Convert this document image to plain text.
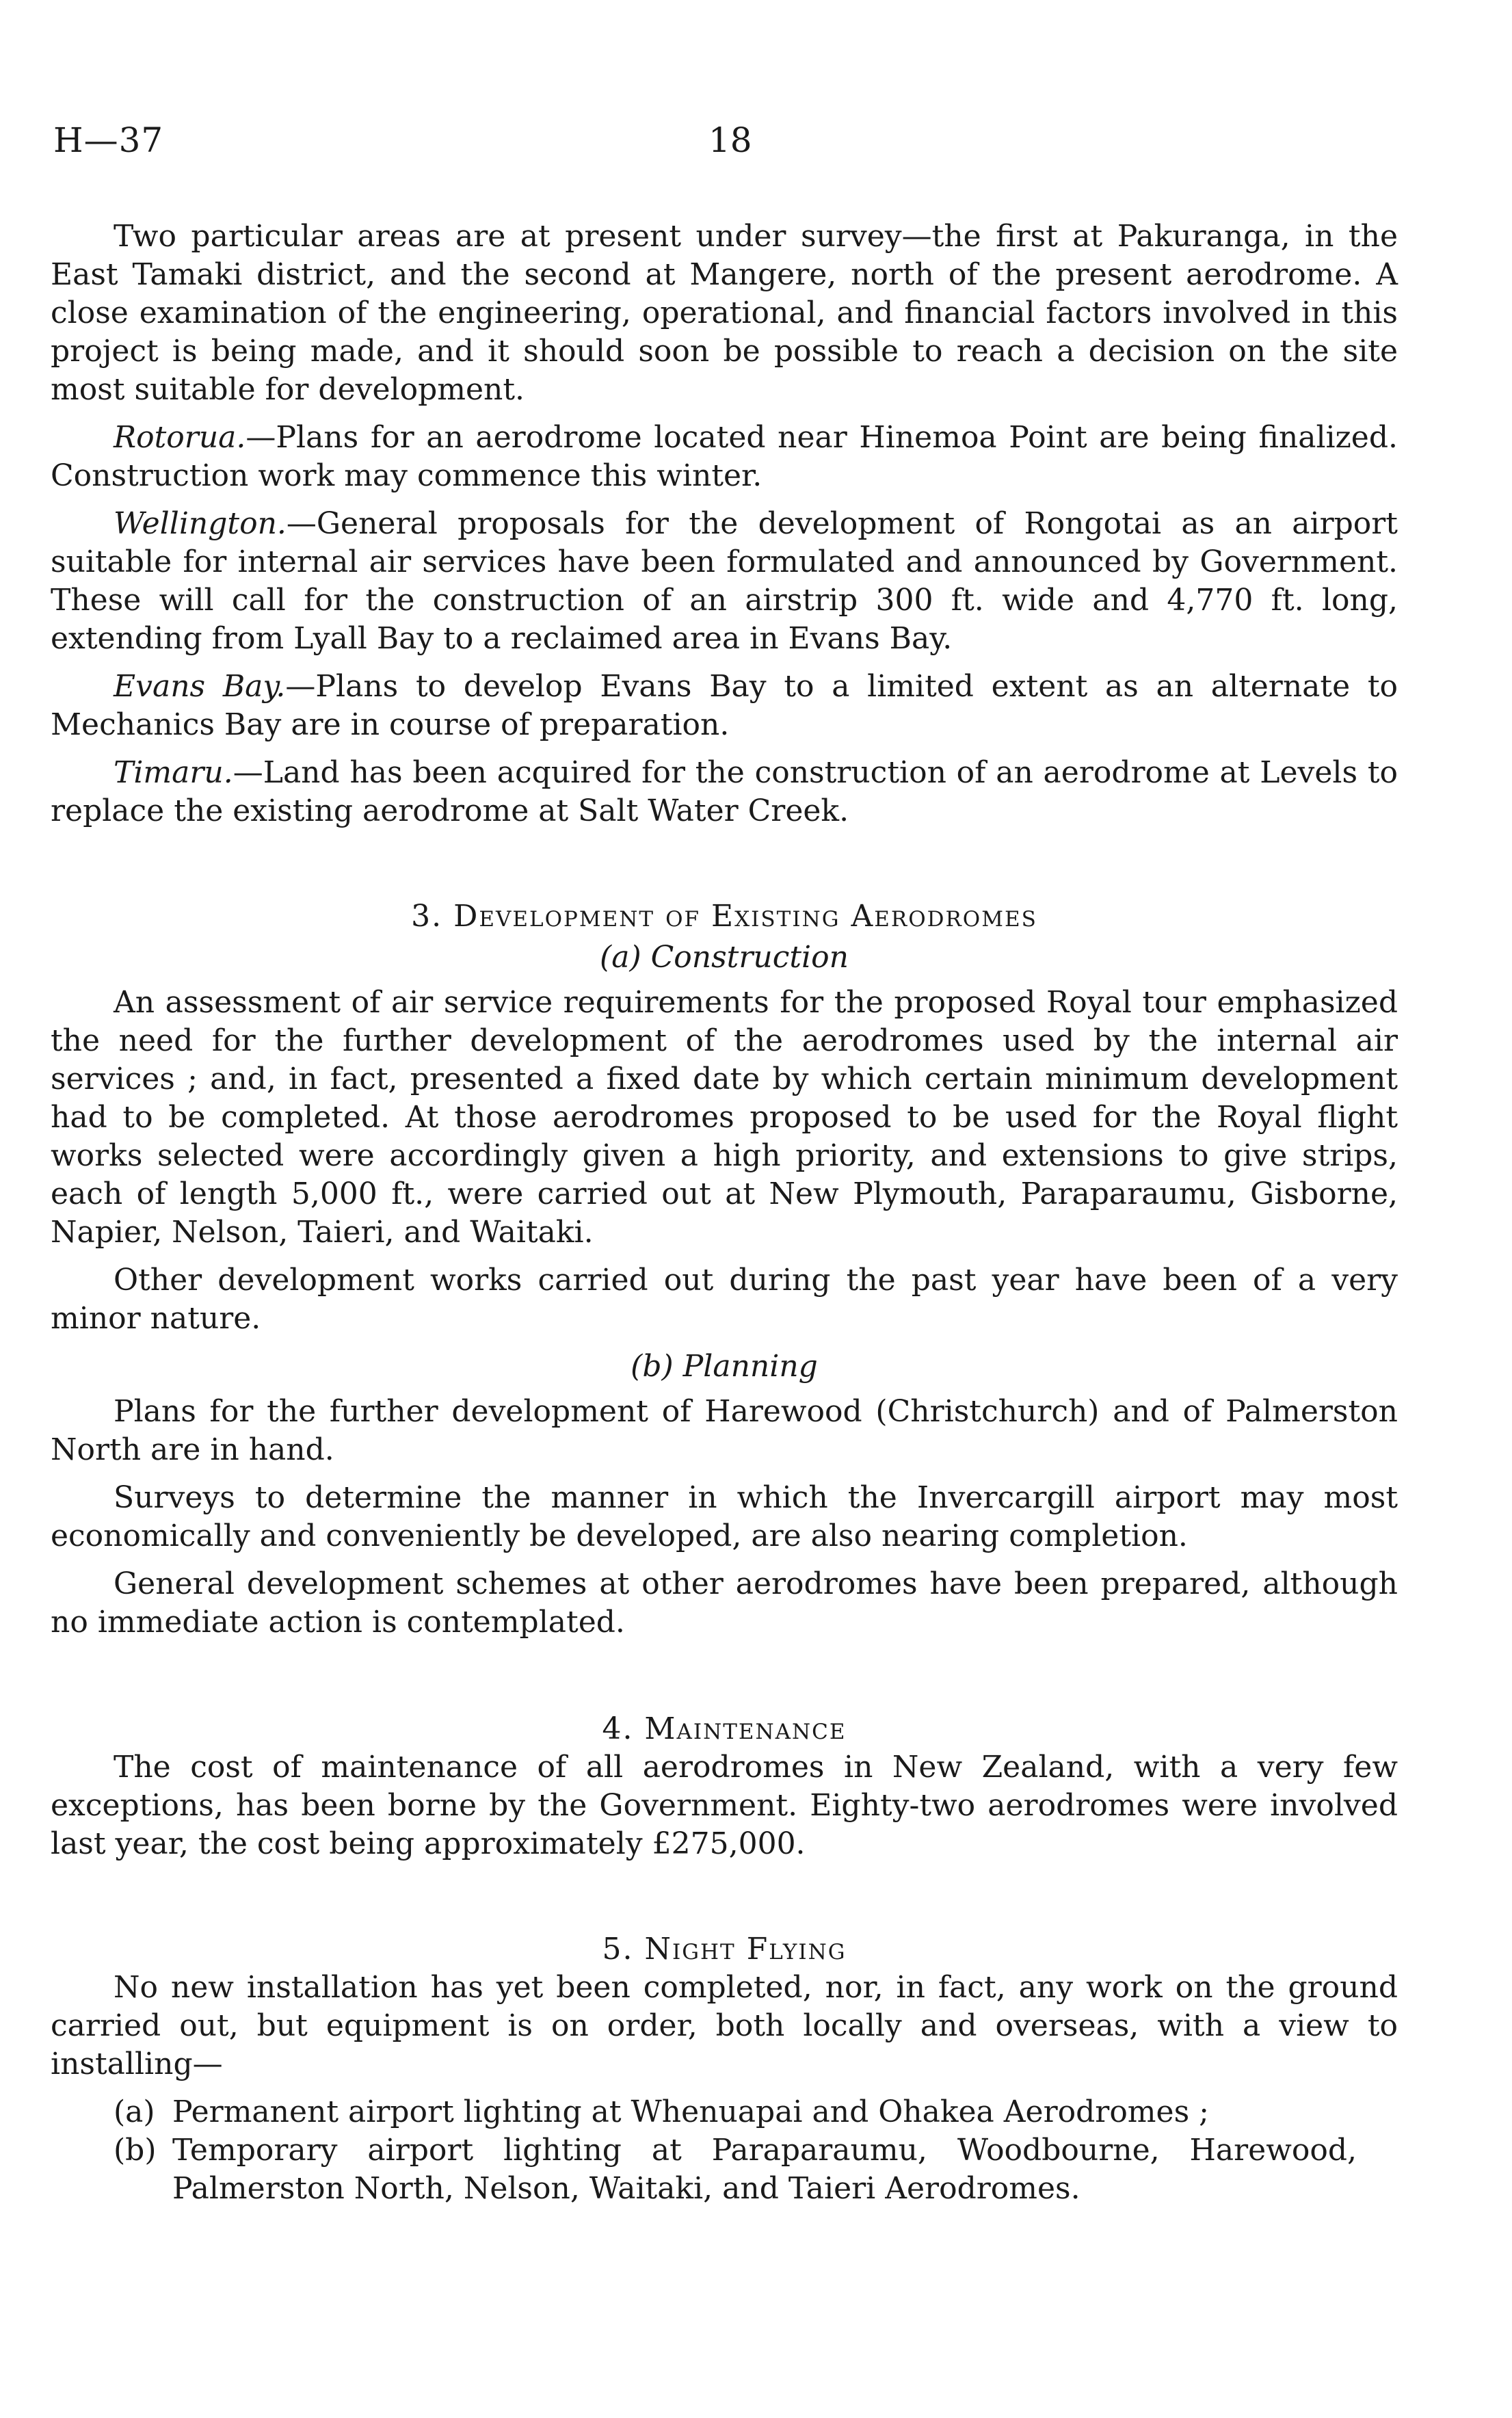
H—37	18

Two particular areas are at present under survey—the first at Pakuranga, in the East Tamaki district, and the second at Mangere, north of the present aerodrome. A close examination of the engineering, operational, and financial factors involved in this project is being made, and it should soon be possible to reach a decision on the site most suitable for development.

Rotorua.—Plans for an aerodrome located near Hinemoa Point are being finalized. Construction work may commence this winter.

Wellington.—General proposals for the development of Rongotai as an airport suitable for internal air services have been formulated and announced by Government. These will call for the construction of an airstrip 300 ft. wide and 4,770 ft. long, extending from Lyall Bay to a reclaimed area in Evans Bay.

Evans Bay.—Plans to develop Evans Bay to a limited extent as an alternate to Mechanics Bay are in course of preparation.

Timaru.—Land has been acquired for the construction of an aerodrome at Levels to replace the existing aerodrome at Salt Water Creek.

3. Development of Existing Aerodromes
(a) Construction

An assessment of air service requirements for the proposed Royal tour emphasized the need for the further development of the aerodromes used by the internal air services ; and, in fact, presented a fixed date by which certain minimum development had to be completed. At those aerodromes proposed to be used for the Royal flight works selected were accordingly given a high priority, and extensions to give strips, each of length 5,000 ft., were carried out at New Plymouth, Paraparaumu, Gisborne, Napier, Nelson, Taieri, and Waitaki.

Other development works carried out during the past year have been of a very minor nature.

(b) Planning

Plans for the further development of Harewood (Christchurch) and of Palmerston North are in hand.

Surveys to determine the manner in which the Invercargill airport may most economically and conveniently be developed, are also nearing completion.

General development schemes at other aerodromes have been prepared, although no immediate action is contemplated.

4. Maintenance

The cost of maintenance of all aerodromes in New Zealand, with a very few exceptions, has been borne by the Government. Eighty-two aerodromes were involved last year, the cost being approximately £275,000.

5. Night Flying

No new installation has yet been completed, nor, in fact, any work on the ground carried out, but equipment is on order, both locally and overseas, with a view to installing—

(a) Permanent airport lighting at Whenuapai and Ohakea Aerodromes ;
(b) Temporary airport lighting at Paraparaumu, Woodbourne, Harewood, Palmerston North, Nelson, Waitaki, and Taieri Aerodromes.
